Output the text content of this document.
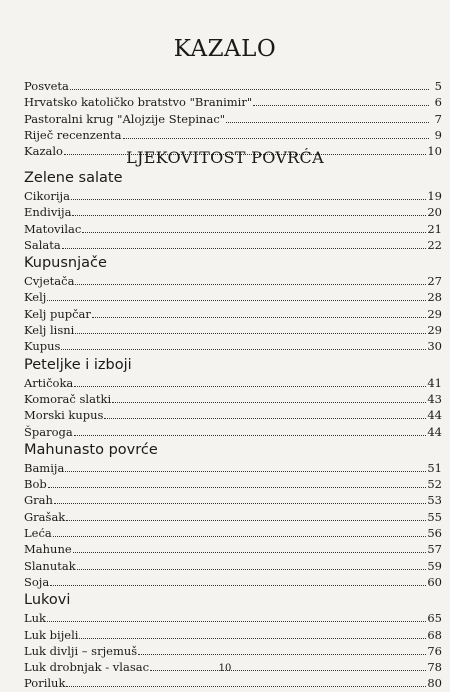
KAZALO
Posveta	5
Hrvatsko katoličko bratstvo "Branimir"	6
Pastoralni krug "Alojzije Stepinac"	7
Riječ recenzenta	9
Kazalo	10
LJEKOVITOST POVRĆA
Zelene salate
Cikorija	19
Endivija	20
Matovilac	21
Salata	22
Kupusnjače
Cvjetača	27
Kelj	28
Kelj pupčar	29
Kelj lisni	29
Kupus	30
Peteljke i izboji
Artičoka	41
Komorač slatki	43
Morski kupus	44
Šparoga	44
Mahunasto povrće
Bamija	51
Bob	52
Grah	53
Grašak	55
Leća	56
Mahune	57
Slanutak	59
Soja	60
Lukovi
Luk	65
Luk bijeli	68
Luk divlji – srjemuš	76
Luk drobnjak - vlasac	78
Poriluk	80
10
